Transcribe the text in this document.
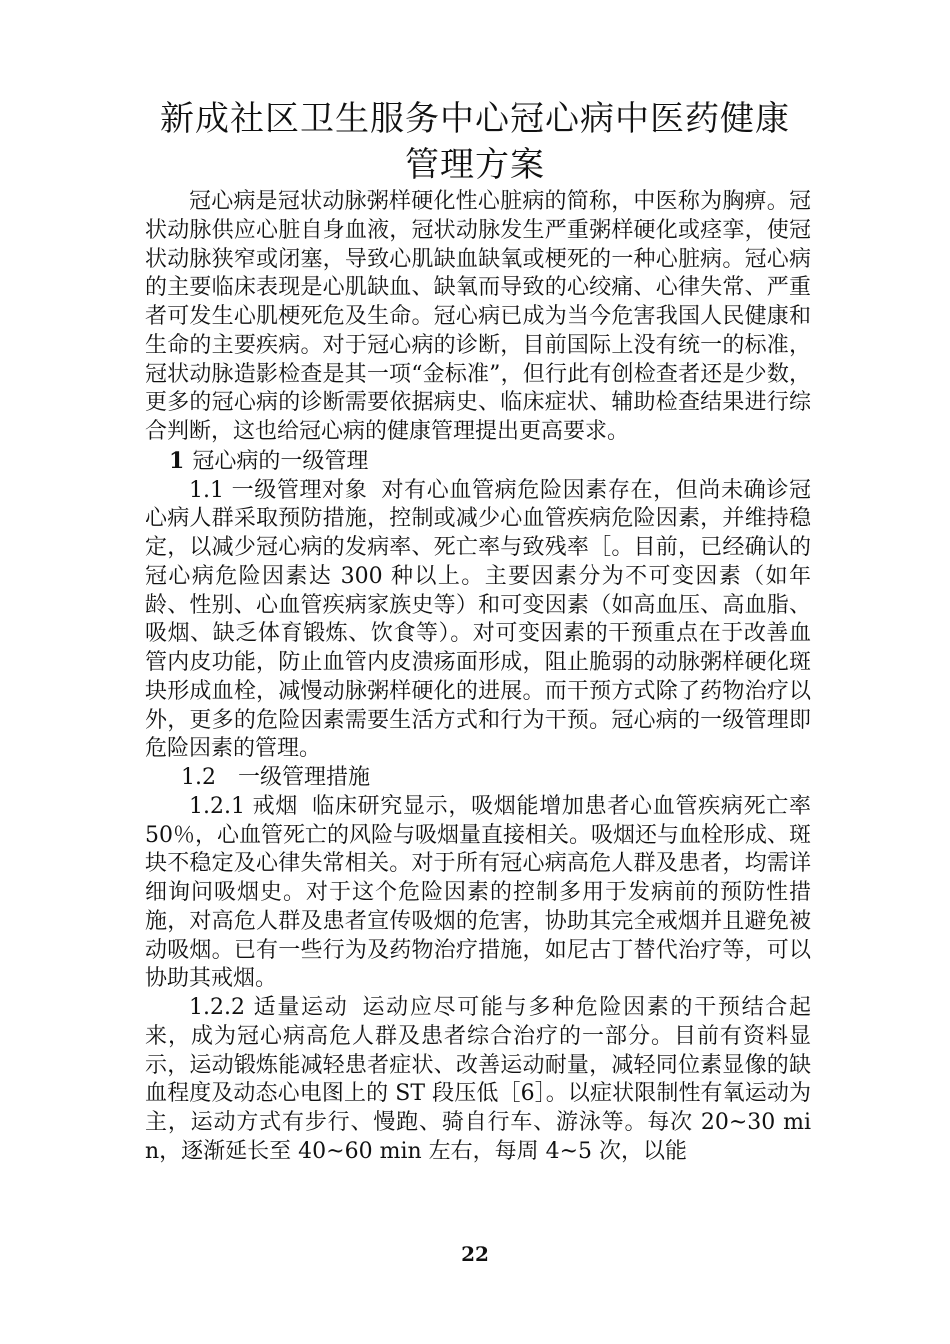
新成社区卫生服务中心冠心病中医药健康管理方案

冠心病是冠状动脉粥样硬化性心脏病的简称，中医称为胸痹。冠状动脉供应心脏自身血液，冠状动脉发生严重粥样硬化或痉挛，使冠状动脉狭窄或闭塞，导致心肌缺血缺氧或梗死的一种心脏病。冠心病的主要临床表现是心肌缺血、缺氧而导致的心绞痛、心律失常、严重者可发生心肌梗死危及生命。冠心病已成为当今危害我国人民健康和生命的主要疾病。对于冠心病的诊断，目前国际上没有统一的标准，冠状动脉造影检查是其一项“金标准”，但行此有创检查者还是少数，更多的冠心病的诊断需要依据病史、临床症状、辅助检查结果进行综合判断，这也给冠心病的健康管理提出更高要求。

1 冠心病的一级管理

1.1 一级管理对象 对有心血管病危险因素存在，但尚未确诊冠心病人群采取预防措施，控制或减少心血管疾病危险因素，并维持稳定，以减少冠心病的发病率、死亡率与致残率［。目前，已经确认的冠心病危险因素达 300 种以上。主要因素分为不可变因素（如年龄、性别、心血管疾病家族史等）和可变因素（如高血压、高血脂、吸烟、缺乏体育锻炼、饮食等）。对可变因素的干预重点在于改善血管内皮功能，防止血管内皮溃疡面形成，阻止脆弱的动脉粥样硬化斑块形成血栓，减慢动脉粥样硬化的进展。而干预方式除了药物治疗以外，更多的危险因素需要生活方式和行为干预。冠心病的一级管理即危险因素的管理。

1.2 一级管理措施

1.2.1 戒烟 临床研究显示，吸烟能增加患者心血管疾病死亡率 50％，心血管死亡的风险与吸烟量直接相关。吸烟还与血栓形成、斑块不稳定及心律失常相关。对于所有冠心病高危人群及患者，均需详细询问吸烟史。对于这个危险因素的控制多用于发病前的预防性措施，对高危人群及患者宣传吸烟的危害，协助其完全戒烟并且避免被动吸烟。已有一些行为及药物治疗措施，如尼古丁替代治疗等，可以协助其戒烟。

1.2.2 适量运动 运动应尽可能与多种危险因素的干预结合起来，成为冠心病高危人群及患者综合治疗的一部分。目前有资料显示，运动锻炼能减轻患者症状、改善运动耐量，减轻同位素显像的缺血程度及动态心电图上的 ST 段压低［6］。以症状限制性有氧运动为主，运动方式有步行、慢跑、骑自行车、游泳等。每次 20~30 min，逐渐延长至 40~60 min 左右，每周 4~5 次，以能

22
